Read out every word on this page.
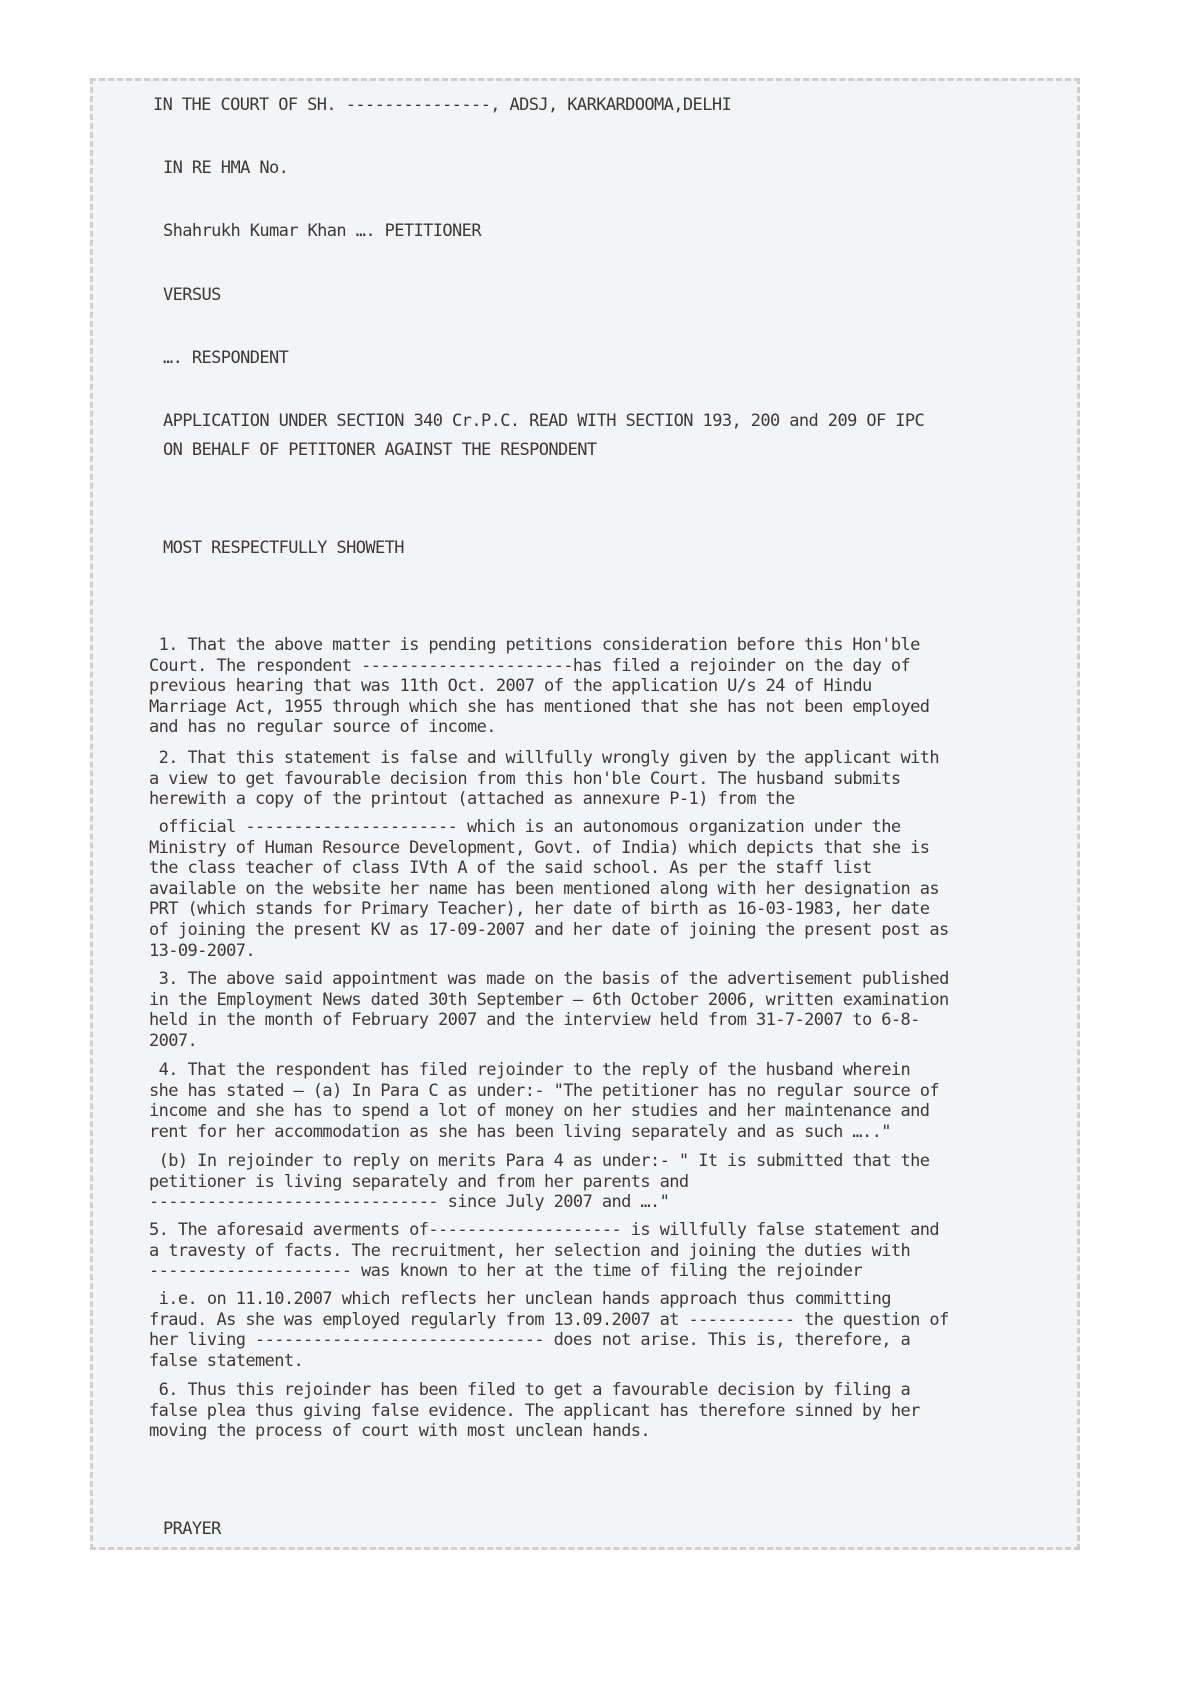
IN THE COURT OF SH. ---------------, ADSJ, KARKARDOOMA,DELHI
IN RE HMA No.
Shahrukh Kumar Khan …. PETITIONER
VERSUS
…. RESPONDENT
APPLICATION UNDER SECTION 340 Cr.P.C. READ WITH SECTION 193, 200 and 209 OF IPC
ON BEHALF OF PETITONER AGAINST THE RESPONDENT
MOST RESPECTFULLY SHOWETH
1. That the above matter is pending petitions consideration before this Hon'ble
Court. The respondent ----------------------has filed a rejoinder on the day of
previous hearing that was 11th Oct. 2007 of the application U/s 24 of Hindu
Marriage Act, 1955 through which she has mentioned that she has not been employed
and has no regular source of income.
2. That this statement is false and willfully wrongly given by the applicant with
a view to get favourable decision from this hon'ble Court. The husband submits
herewith a copy of the printout (attached as annexure P-1) from the
official ---------------------- which is an autonomous organization under the
Ministry of Human Resource Development, Govt. of India) which depicts that she is
the class teacher of class IVth A of the said school. As per the staff list
available on the website her name has been mentioned along with her designation as
PRT (which stands for Primary Teacher), her date of birth as 16-03-1983, her date
of joining the present KV as 17-09-2007 and her date of joining the present post as
13-09-2007.
3. The above said appointment was made on the basis of the advertisement published
in the Employment News dated 30th September – 6th October 2006, written examination
held in the month of February 2007 and the interview held from 31-7-2007 to 6-8-
2007.
4. That the respondent has filed rejoinder to the reply of the husband wherein
she has stated – (a) In Para C as under:- "The petitioner has no regular source of
income and she has to spend a lot of money on her studies and her maintenance and
rent for her accommodation as she has been living separately and as such ….."
(b) In rejoinder to reply on merits Para 4 as under:- " It is submitted that the
petitioner is living separately and from her parents and
------------------------------ since July 2007 and …."
5. The aforesaid averments of-------------------- is willfully false statement and
a travesty of facts. The recruitment, her selection and joining the duties with
--------------------- was known to her at the time of filing the rejoinder
i.e. on 11.10.2007 which reflects her unclean hands approach thus committing
fraud. As she was employed regularly from 13.09.2007 at ----------- the question of
her living ------------------------------ does not arise. This is, therefore, a
false statement.
6. Thus this rejoinder has been filed to get a favourable decision by filing a
false plea thus giving false evidence. The applicant has therefore sinned by her
moving the process of court with most unclean hands.
PRAYER
